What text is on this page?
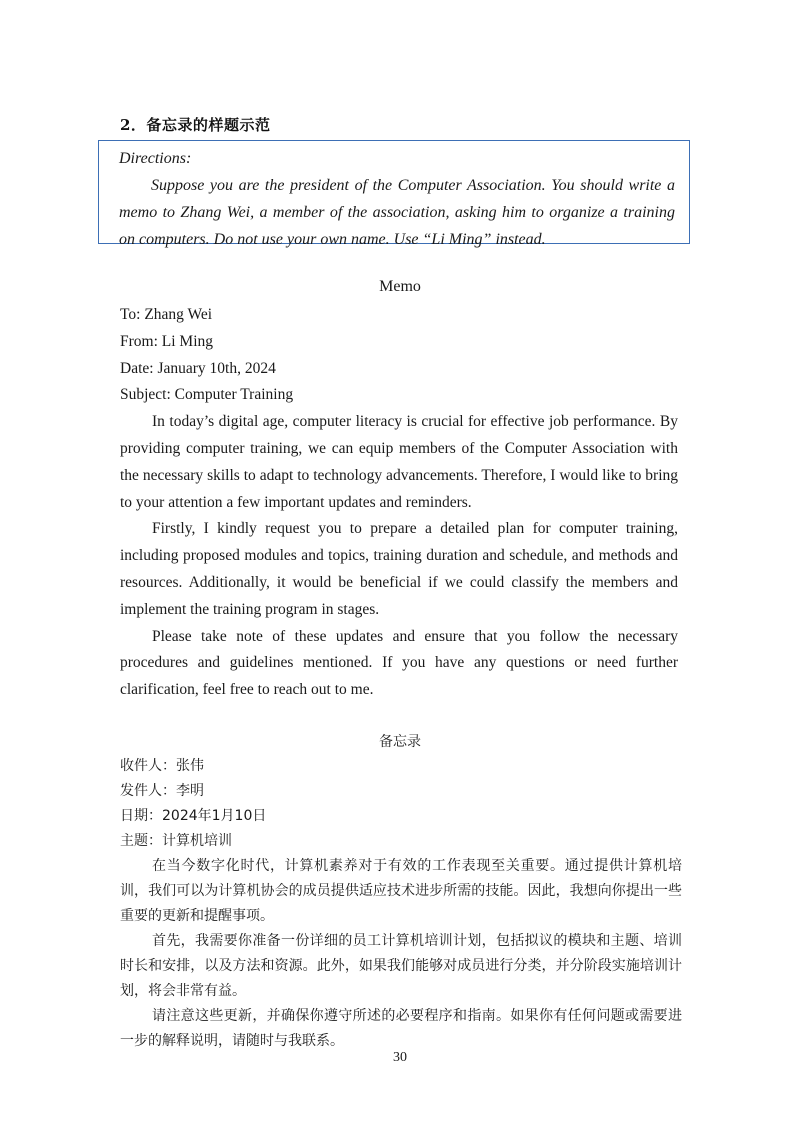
2．备忘录的样题示范

Directions:

Suppose you are the president of the Computer Association. You should write a memo to Zhang Wei, a member of the association, asking him to organize a training on computers. Do not use your own name. Use “Li Ming” instead.

Memo

To: Zhang Wei

From: Li Ming

Date: January 10th, 2024

Subject: Computer Training

In today’s digital age, computer literacy is crucial for effective job performance. By providing computer training, we can equip members of the Computer Association with the necessary skills to adapt to technology advancements. Therefore, I would like to bring to your attention a few important updates and reminders.

Firstly, I kindly request you to prepare a detailed plan for computer training, including proposed modules and topics, training duration and schedule, and methods and resources. Additionally, it would be beneficial if we could classify the members and implement the training program in stages.

Please take note of these updates and ensure that you follow the necessary procedures and guidelines mentioned. If you have any questions or need further clarification, feel free to reach out to me.

备忘录

收件人：张伟

发件人：李明

日期：2024年1月10日

主题：计算机培训

在当今数字化时代，计算机素养对于有效的工作表现至关重要。通过提供计算机培训，我们可以为计算机协会的成员提供适应技术进步所需的技能。因此，我想向你提出一些重要的更新和提醒事项。

首先，我需要你准备一份详细的员工计算机培训计划，包括拟议的模块和主题、培训时长和安排，以及方法和资源。此外，如果我们能够对成员进行分类，并分阶段实施培训计划，将会非常有益。

请注意这些更新，并确保你遵守所述的必要程序和指南。如果你有任何问题或需要进一步的解释说明，请随时与我联系。

30
